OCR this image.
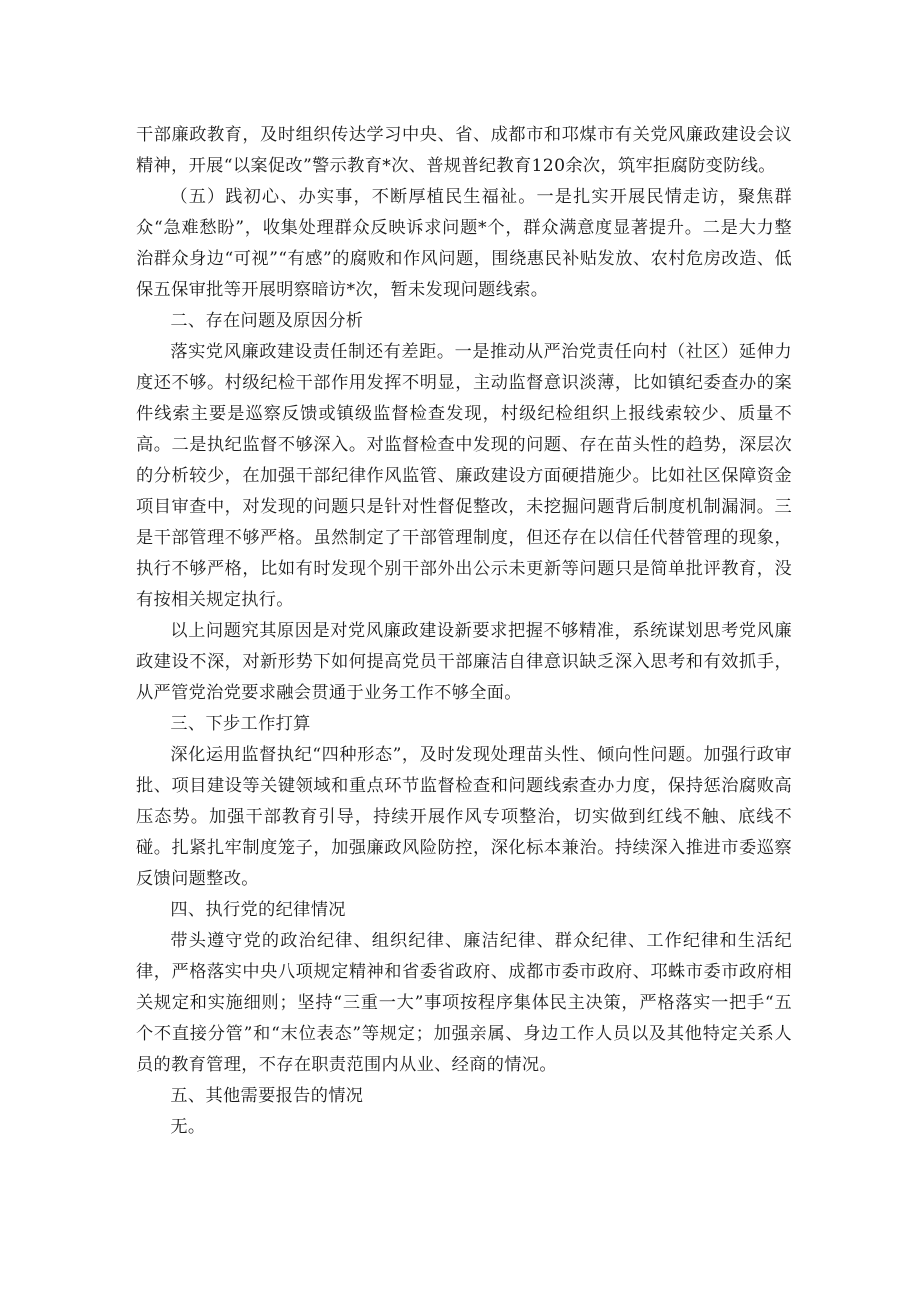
干部廉政教育，及时组织传达学习中央、省、成都市和邛煤市有关党风廉政建设会议精神，开展“以案促改”警示教育*次、普规普纪教育120余次，筑牢拒腐防变防线。

（五）践初心、办实事，不断厚植民生福祉。一是扎实开展民情走访，聚焦群众“急难愁盼”，收集处理群众反映诉求问题*个，群众满意度显著提升。二是大力整治群众身边“可视”“有感”的腐败和作风问题，围绕惠民补贴发放、农村危房改造、低保五保审批等开展明察暗访*次，暂未发现问题线索。

二、存在问题及原因分析

落实党风廉政建设责任制还有差距。一是推动从严治党责任向村（社区）延伸力度还不够。村级纪检干部作用发挥不明显，主动监督意识淡薄，比如镇纪委查办的案件线索主要是巡察反馈或镇级监督检查发现，村级纪检组织上报线索较少、质量不高。二是执纪监督不够深入。对监督检查中发现的问题、存在苗头性的趋势，深层次的分析较少，在加强干部纪律作风监管、廉政建设方面硬措施少。比如社区保障资金项目审查中，对发现的问题只是针对性督促整改，未挖掘问题背后制度机制漏洞。三是干部管理不够严格。虽然制定了干部管理制度，但还存在以信任代替管理的现象，执行不够严格，比如有时发现个别干部外出公示未更新等问题只是简单批评教育，没有按相关规定执行。

以上问题究其原因是对党风廉政建设新要求把握不够精准，系统谋划思考党风廉政建设不深，对新形势下如何提高党员干部廉洁自律意识缺乏深入思考和有效抓手，从严管党治党要求融会贯通于业务工作不够全面。

三、下步工作打算

深化运用监督执纪“四种形态”，及时发现处理苗头性、倾向性问题。加强行政审批、项目建设等关键领域和重点环节监督检查和问题线索查办力度，保持惩治腐败高压态势。加强干部教育引导，持续开展作风专项整治，切实做到红线不触、底线不碰。扎紧扎牢制度笼子，加强廉政风险防控，深化标本兼治。持续深入推进市委巡察反馈问题整改。

四、执行党的纪律情况

带头遵守党的政治纪律、组织纪律、廉洁纪律、群众纪律、工作纪律和生活纪律，严格落实中央八项规定精神和省委省政府、成都市委市政府、邛蛛市委市政府相关规定和实施细则；坚持“三重一大”事项按程序集体民主决策，严格落实一把手“五个不直接分管”和“末位表态”等规定；加强亲属、身边工作人员以及其他特定关系人员的教育管理，不存在职责范围内从业、经商的情况。

五、其他需要报告的情况

无。
